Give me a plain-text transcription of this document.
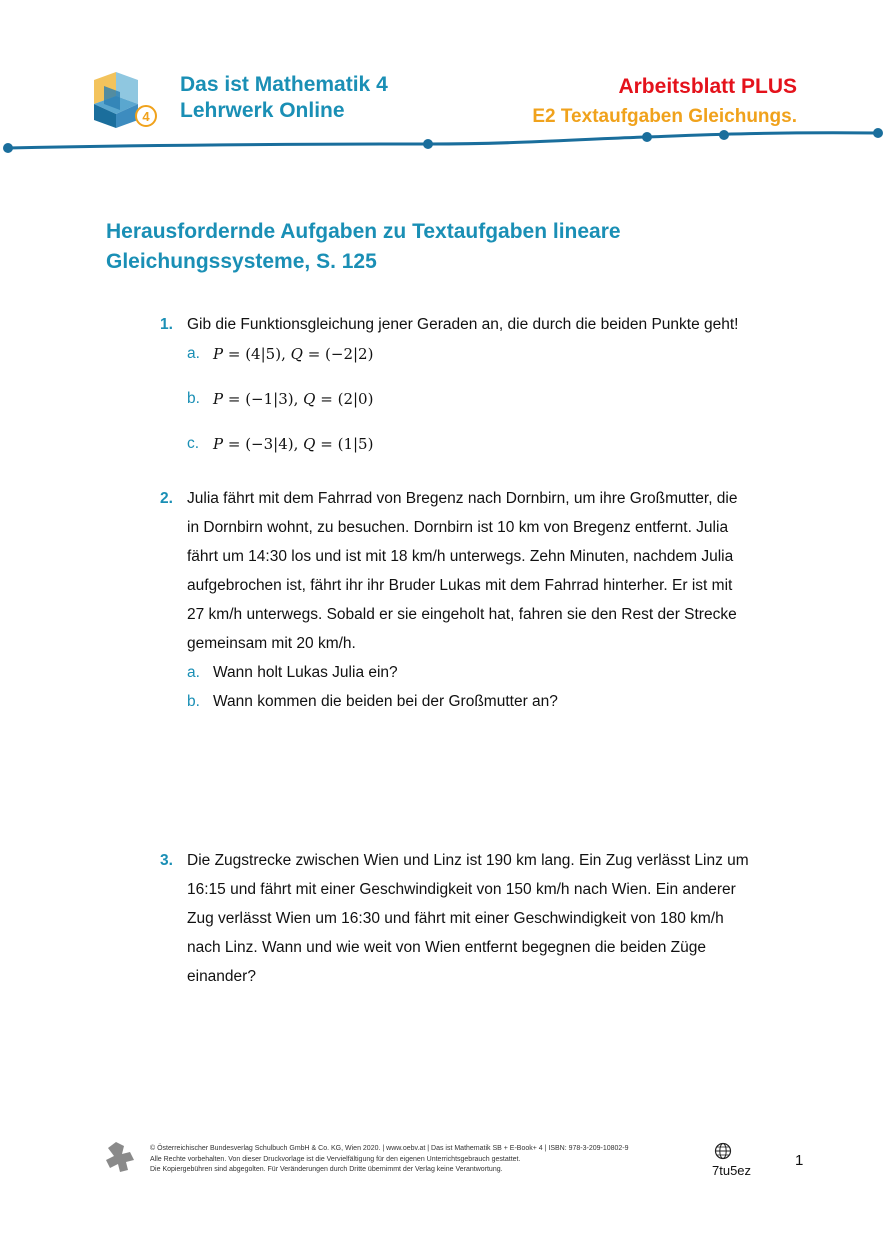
4
Das ist Mathematik 4
Lehrwerk Online
Arbeitsblatt PLUS
E2 Textaufgaben Gleichungs.
Herausfordernde Aufgaben zu Textaufgaben lineare
Gleichungssysteme, S. 125
1. Gib die Funktionsgleichung jener Geraden an, die durch die beiden Punkte geht!
a. P = (4|5), Q = (−2|2)
b. P = (−1|3), Q = (2|0)
c. P = (−3|4), Q = (1|5)
2. Julia fährt mit dem Fahrrad von Bregenz nach Dornbirn, um ihre Großmutter, die
in Dornbirn wohnt, zu besuchen. Dornbirn ist 10 km von Bregenz entfernt. Julia
fährt um 14:30 los und ist mit 18 km/h unterwegs. Zehn Minuten, nachdem Julia
aufgebrochen ist, fährt ihr ihr Bruder Lukas mit dem Fahrrad hinterher. Er ist mit
27 km/h unterwegs. Sobald er sie eingeholt hat, fahren sie den Rest der Strecke
gemeinsam mit 20 km/h.
a. Wann holt Lukas Julia ein?
b. Wann kommen die beiden bei der Großmutter an?
3. Die Zugstrecke zwischen Wien und Linz ist 190 km lang. Ein Zug verlässt Linz um
16:15 und fährt mit einer Geschwindigkeit von 150 km/h nach Wien. Ein anderer
Zug verlässt Wien um 16:30 und fährt mit einer Geschwindigkeit von 180 km/h
nach Linz. Wann und wie weit von Wien entfernt begegnen die beiden Züge
einander?
© Österreichischer Bundesverlag Schulbuch GmbH & Co. KG, Wien 2020. | www.oebv.at | Das ist Mathematik SB + E-Book+ 4 | ISBN: 978-3-209-10802-9
Alle Rechte vorbehalten. Von dieser Druckvorlage ist die Vervielfältigung für den eigenen Unterrichtsgebrauch gestattet.
Die Kopiergebühren sind abgegolten. Für Veränderungen durch Dritte übernimmt der Verlag keine Verantwortung.	7tu5ez
1
